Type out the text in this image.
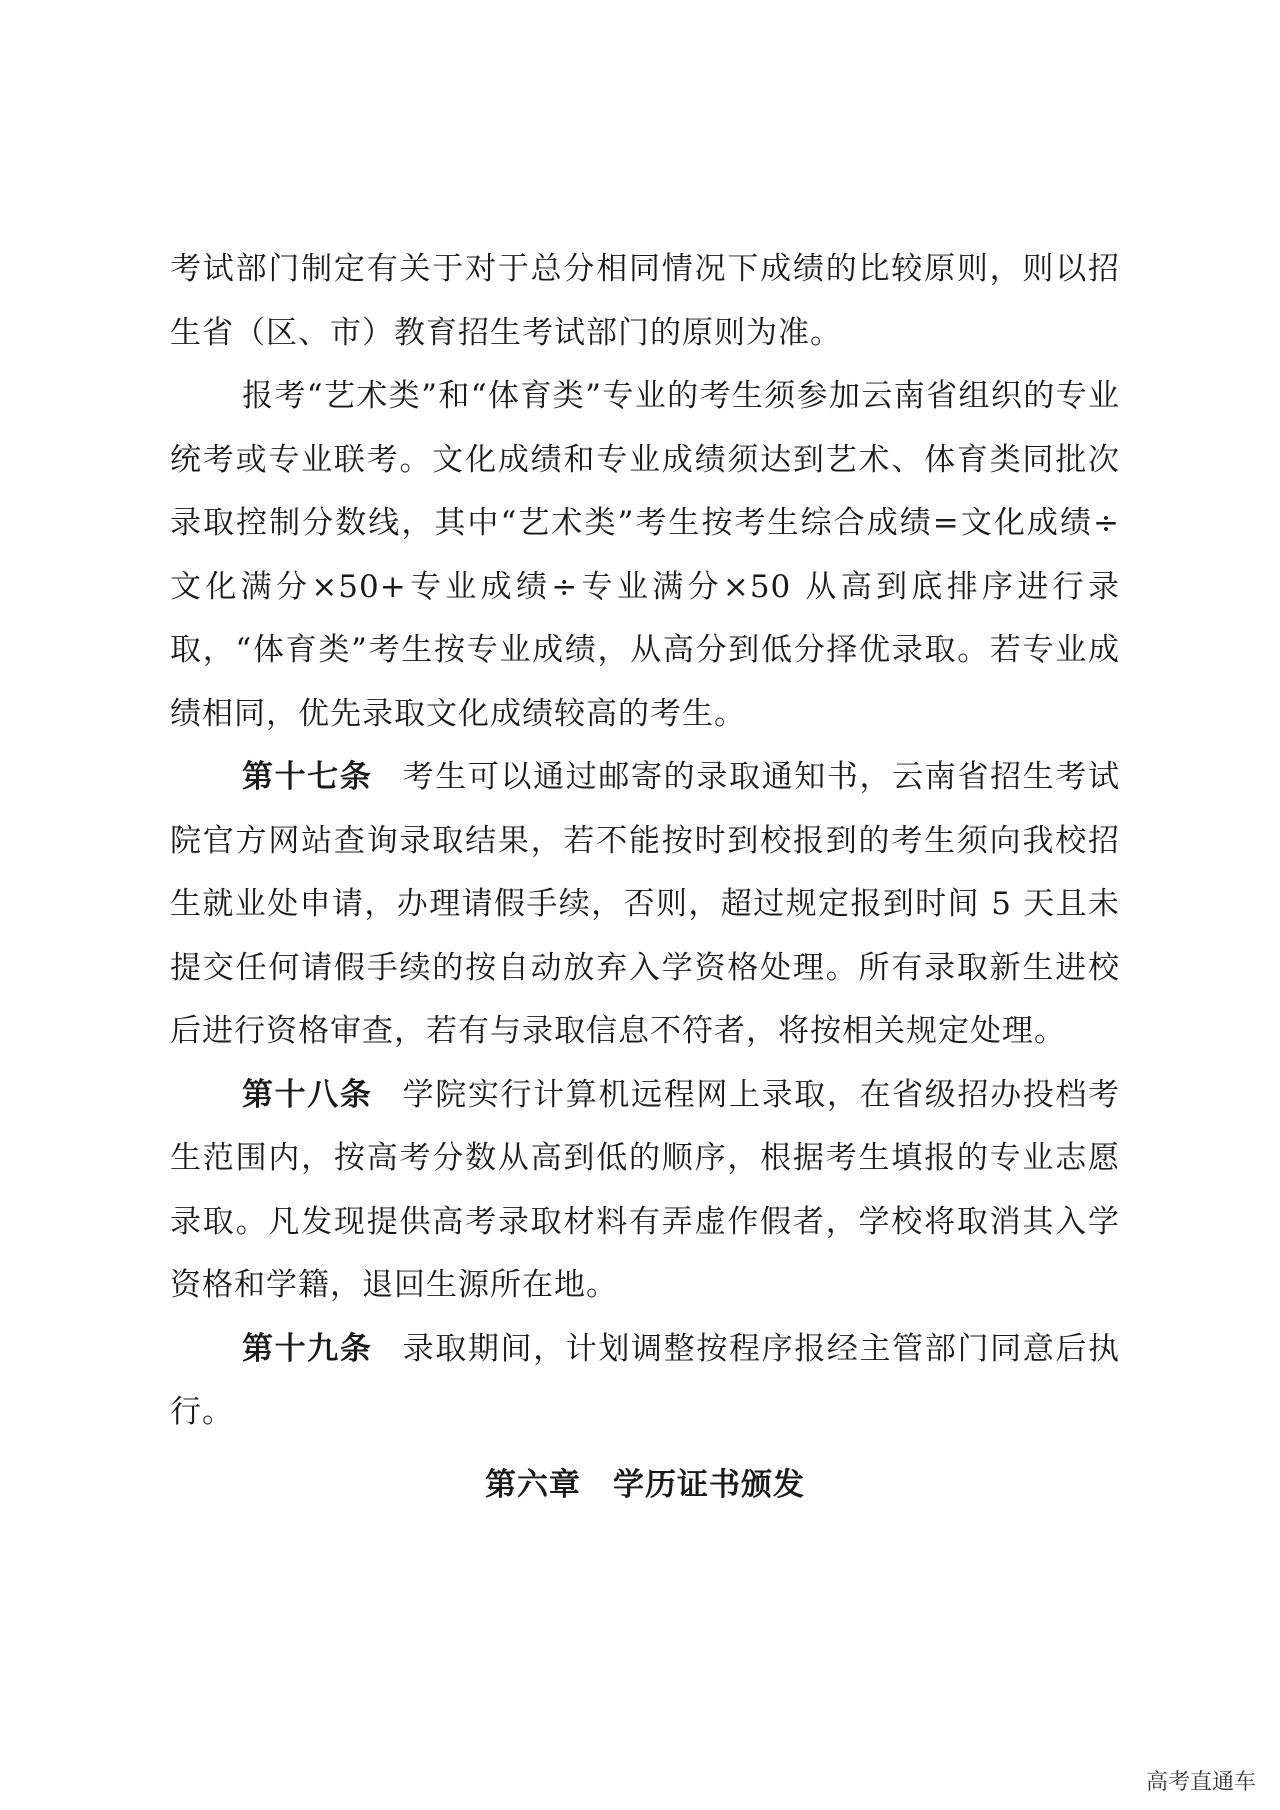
考试部门制定有关于对于总分相同情况下成绩的比较原则，则以招生省（区、市）教育招生考试部门的原则为准。

报考“艺术类”和“体育类”专业的考生须参加云南省组织的专业统考或专业联考。文化成绩和专业成绩须达到艺术、体育类同批次录取控制分数线，其中“艺术类”考生按考生综合成绩=文化成绩÷文化满分×50+专业成绩÷专业满分×50 从高到底排序进行录取，“体育类”考生按专业成绩，从高分到低分择优录取。若专业成绩相同，优先录取文化成绩较高的考生。

第十七条 考生可以通过邮寄的录取通知书，云南省招生考试院官方网站查询录取结果，若不能按时到校报到的考生须向我校招生就业处申请，办理请假手续，否则，超过规定报到时间 5 天且未提交任何请假手续的按自动放弃入学资格处理。所有录取新生进校后进行资格审查，若有与录取信息不符者，将按相关规定处理。

第十八条 学院实行计算机远程网上录取，在省级招办投档考生范围内，按高考分数从高到低的顺序，根据考生填报的专业志愿录取。凡发现提供高考录取材料有弄虚作假者，学校将取消其入学资格和学籍，退回生源所在地。

第十九条 录取期间，计划调整按程序报经主管部门同意后执行。

第六章　学历证书颁发
高考直通车
